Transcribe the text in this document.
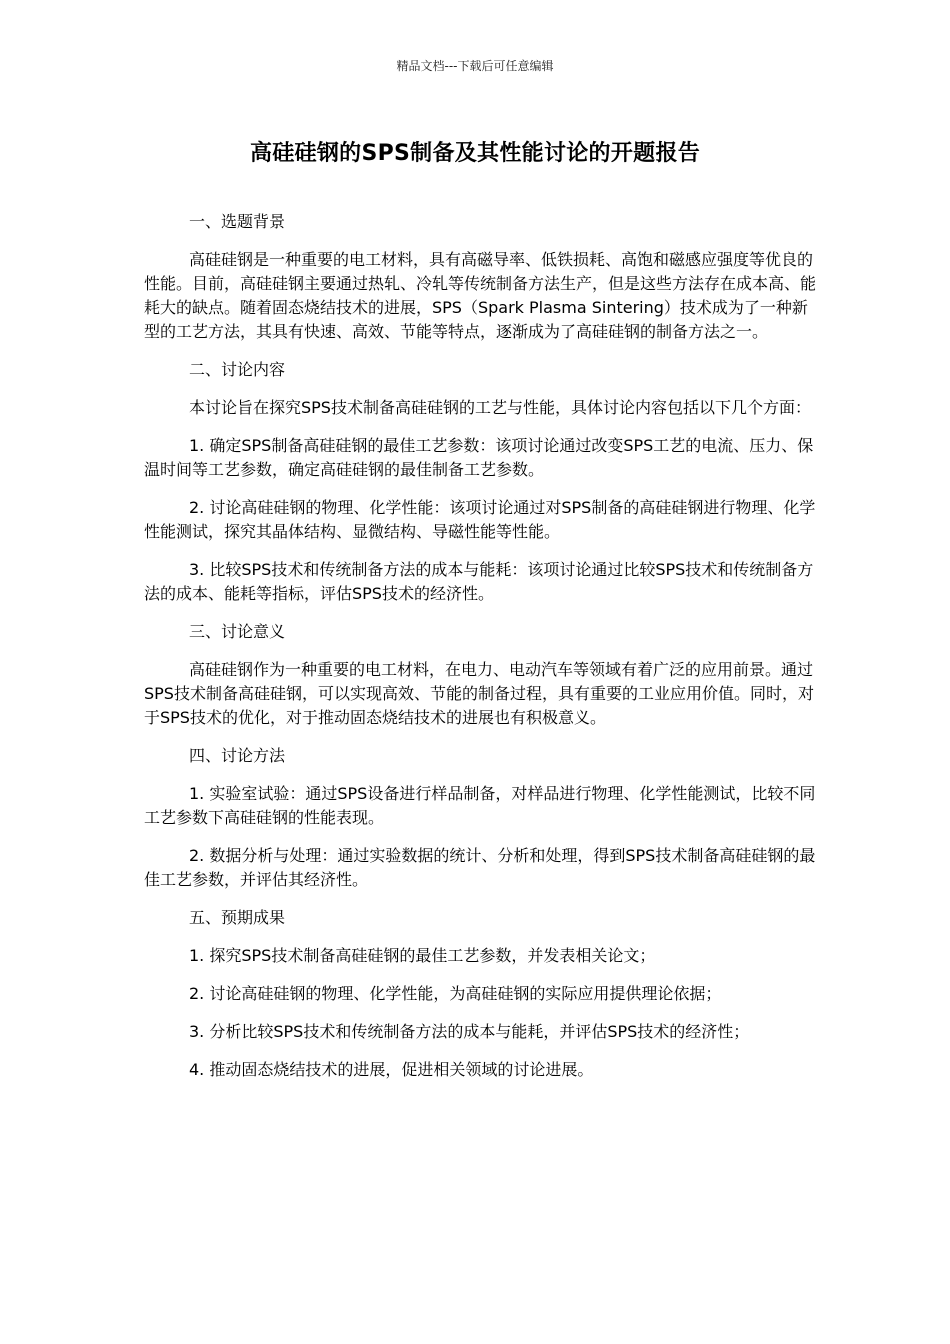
精品文档---下载后可任意编辑
高硅硅钢的SPS制备及其性能讨论的开题报告

一、选题背景

高硅硅钢是一种重要的电工材料，具有高磁导率、低铁损耗、高饱和磁感应强度等优良的性能。目前，高硅硅钢主要通过热轧、冷轧等传统制备方法生产，但是这些方法存在成本高、能耗大的缺点。随着固态烧结技术的进展，SPS（Spark Plasma Sintering）技术成为了一种新型的工艺方法，其具有快速、高效、节能等特点，逐渐成为了高硅硅钢的制备方法之一。

二、讨论内容

本讨论旨在探究SPS技术制备高硅硅钢的工艺与性能，具体讨论内容包括以下几个方面：

1. 确定SPS制备高硅硅钢的最佳工艺参数：该项讨论通过改变SPS工艺的电流、压力、保温时间等工艺参数，确定高硅硅钢的最佳制备工艺参数。

2. 讨论高硅硅钢的物理、化学性能：该项讨论通过对SPS制备的高硅硅钢进行物理、化学性能测试，探究其晶体结构、显微结构、导磁性能等性能。

3. 比较SPS技术和传统制备方法的成本与能耗：该项讨论通过比较SPS技术和传统制备方法的成本、能耗等指标，评估SPS技术的经济性。

三、讨论意义

高硅硅钢作为一种重要的电工材料，在电力、电动汽车等领域有着广泛的应用前景。通过SPS技术制备高硅硅钢，可以实现高效、节能的制备过程，具有重要的工业应用价值。同时，对于SPS技术的优化，对于推动固态烧结技术的进展也有积极意义。

四、讨论方法

1. 实验室试验：通过SPS设备进行样品制备，对样品进行物理、化学性能测试，比较不同工艺参数下高硅硅钢的性能表现。

2. 数据分析与处理：通过实验数据的统计、分析和处理，得到SPS技术制备高硅硅钢的最佳工艺参数，并评估其经济性。

五、预期成果

1. 探究SPS技术制备高硅硅钢的最佳工艺参数，并发表相关论文；

2. 讨论高硅硅钢的物理、化学性能，为高硅硅钢的实际应用提供理论依据；

3. 分析比较SPS技术和传统制备方法的成本与能耗，并评估SPS技术的经济性；

4. 推动固态烧结技术的进展，促进相关领域的讨论进展。
